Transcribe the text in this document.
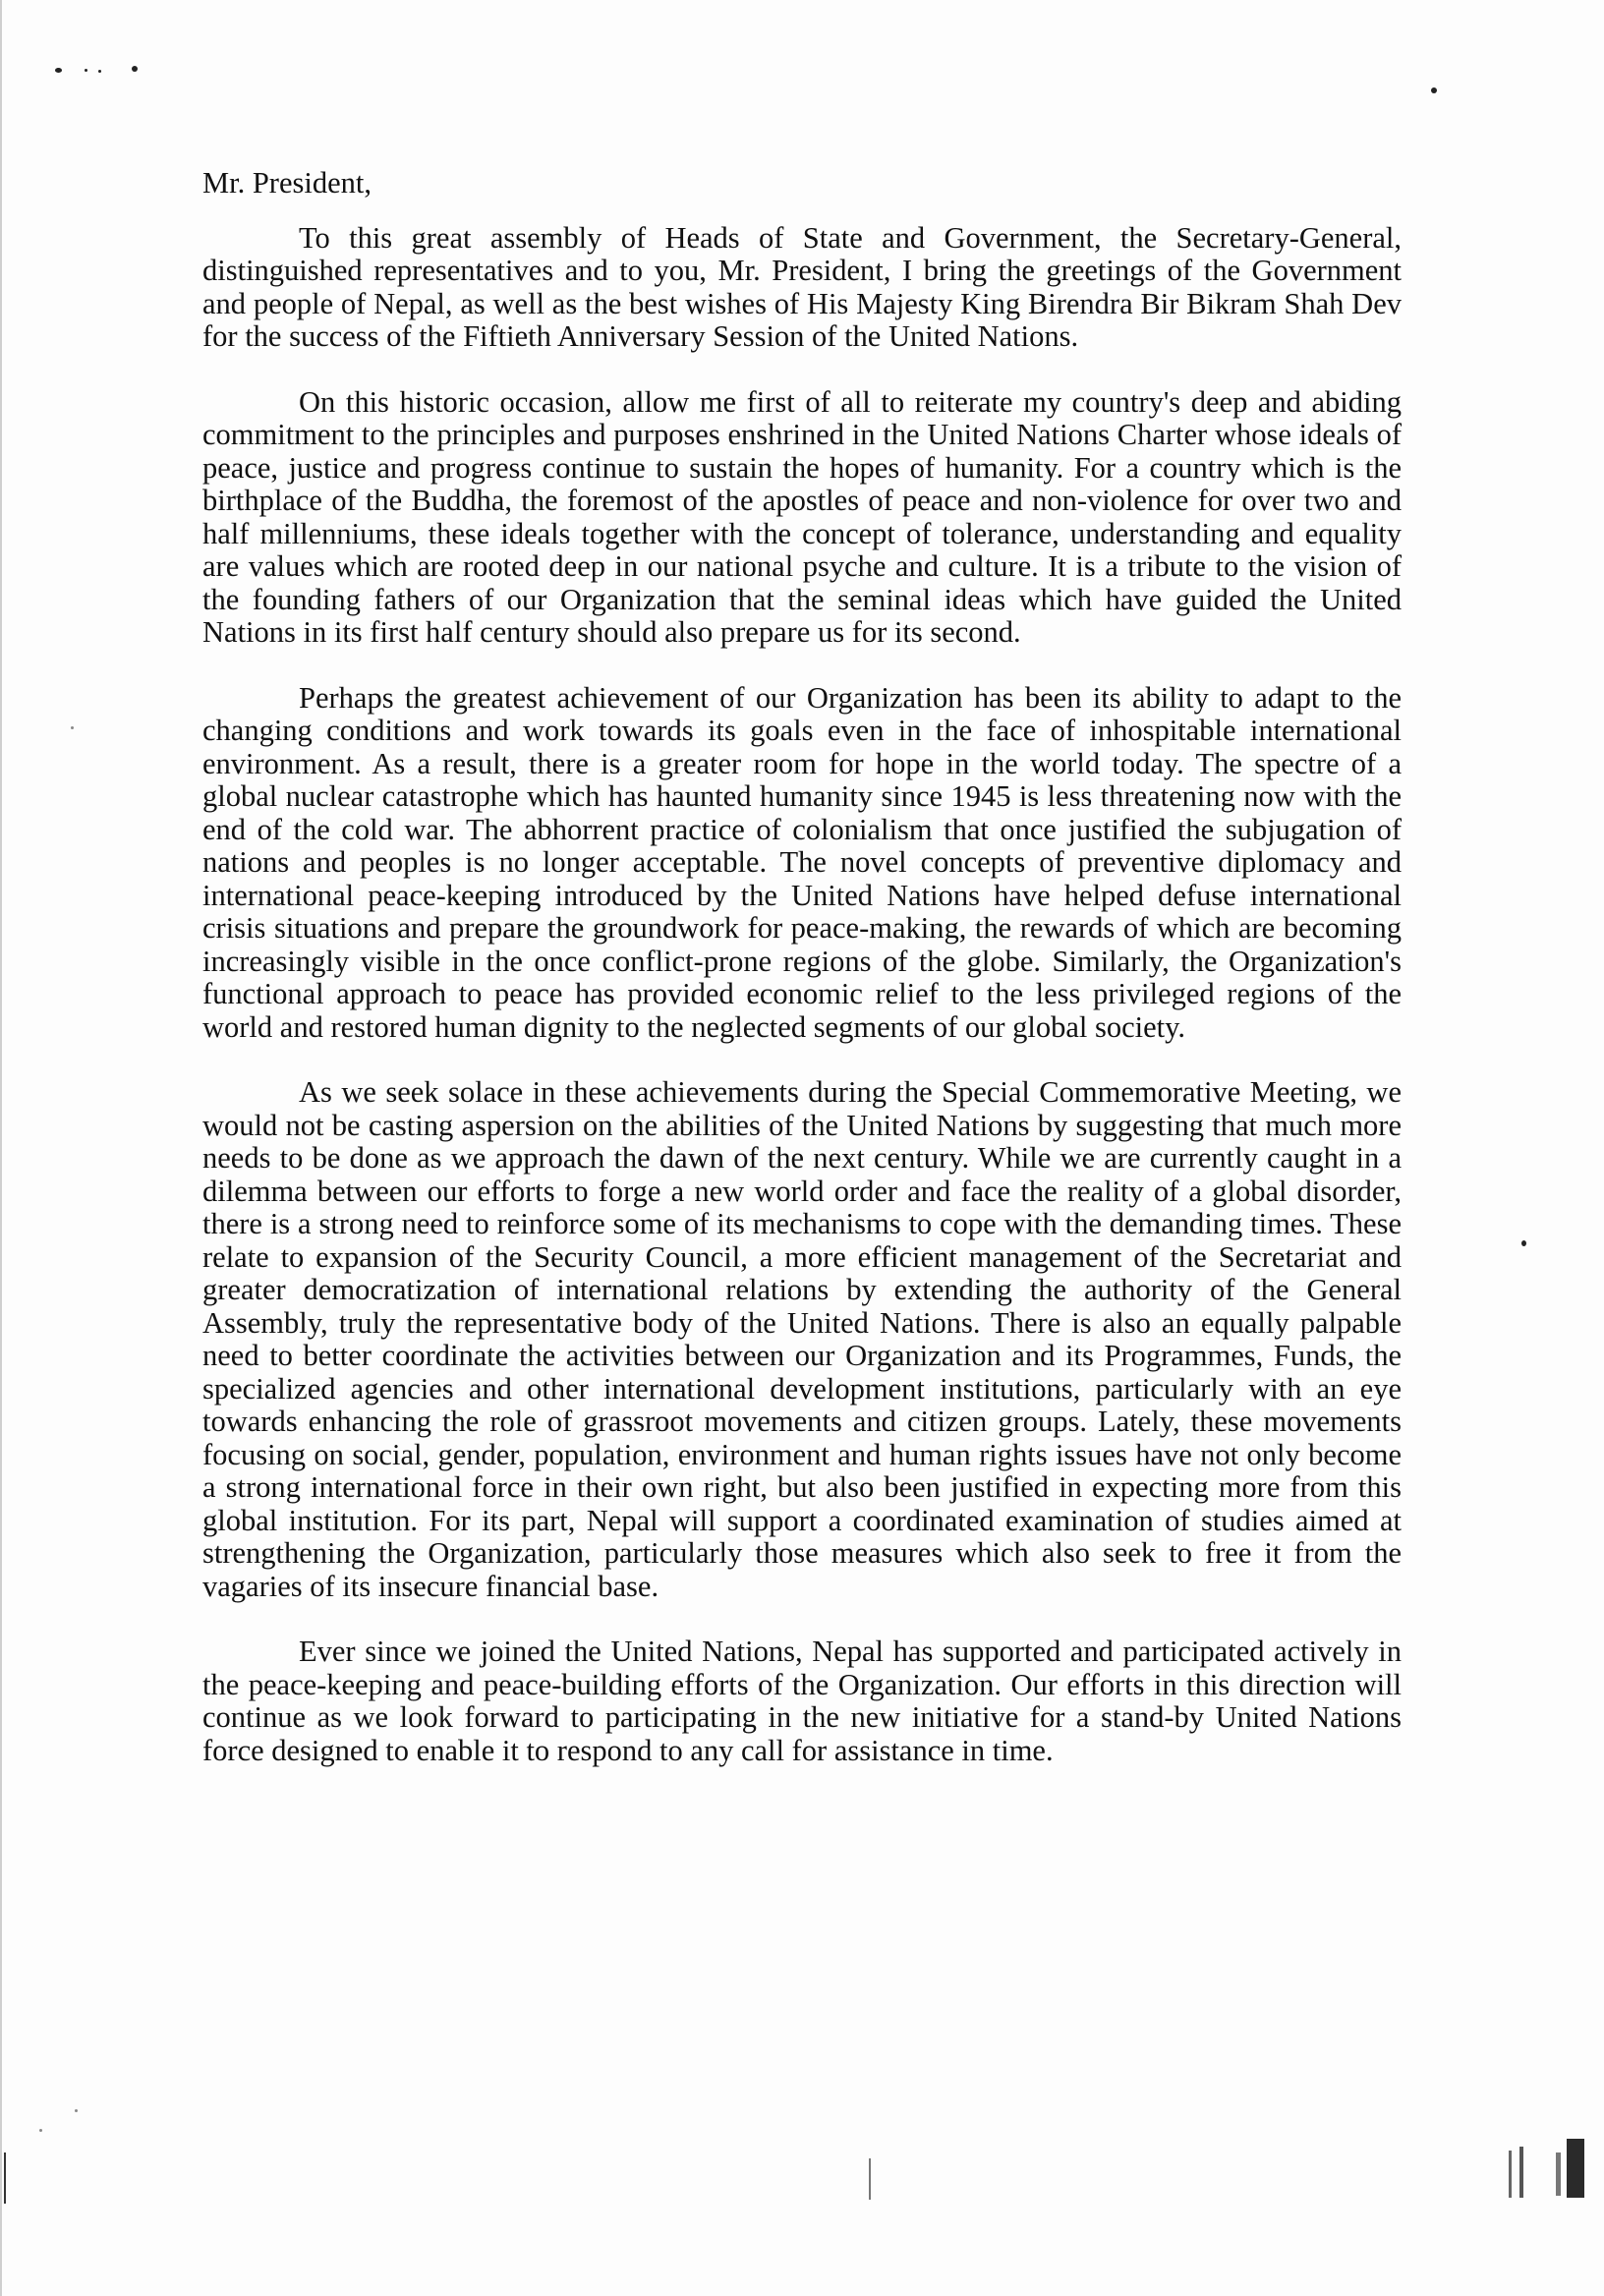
Mr. President,

To this great assembly of Heads of State and Government, the Secretary-General, distinguished representatives and to you, Mr. President, I bring the greetings of the Government and people of Nepal, as well as the best wishes of His Majesty King Birendra Bir Bikram Shah Dev for the success of the Fiftieth Anniversary Session of the United Nations.

On this historic occasion, allow me first of all to reiterate my country's deep and abiding commitment to the principles and purposes enshrined in the United Nations Charter whose ideals of peace, justice and progress continue to sustain the hopes of humanity. For a country which is the birthplace of the Buddha, the foremost of the apostles of peace and non-violence for over two and half millenniums, these ideals together with the concept of tolerance, understanding and equality are values which are rooted deep in our national psyche and culture. It is a tribute to the vision of the founding fathers of our Organization that the seminal ideas which have guided the United Nations in its first half century should also prepare us for its second.

Perhaps the greatest achievement of our Organization has been its ability to adapt to the changing conditions and work towards its goals even in the face of inhospitable international environment. As a result, there is a greater room for hope in the world today. The spectre of a global nuclear catastrophe which has haunted humanity since 1945 is less threatening now with the end of the cold war. The abhorrent practice of colonialism that once justified the subjugation of nations and peoples is no longer acceptable. The novel concepts of preventive diplomacy and international peace-keeping introduced by the United Nations have helped defuse international crisis situations and prepare the groundwork for peace-making, the rewards of which are becoming increasingly visible in the once conflict-prone regions of the globe. Similarly, the Organization's functional approach to peace has provided economic relief to the less privileged regions of the world and restored human dignity to the neglected segments of our global society.

As we seek solace in these achievements during the Special Commemorative Meeting, we would not be casting aspersion on the abilities of the United Nations by suggesting that much more needs to be done as we approach the dawn of the next century. While we are currently caught in a dilemma between our efforts to forge a new world order and face the reality of a global disorder, there is a strong need to reinforce some of its mechanisms to cope with the demanding times. These relate to expansion of the Security Council, a more efficient management of the Secretariat and greater democratization of international relations by extending the authority of the General Assembly, truly the representative body of the United Nations. There is also an equally palpable need to better coordinate the activities between our Organization and its Programmes, Funds, the specialized agencies and other international development institutions, particularly with an eye towards enhancing the role of grassroot movements and citizen groups. Lately, these movements focusing on social, gender, population, environment and human rights issues have not only become a strong international force in their own right, but also been justified in expecting more from this global institution. For its part, Nepal will support a coordinated examination of studies aimed at strengthening the Organization, particularly those measures which also seek to free it from the vagaries of its insecure financial base.

Ever since we joined the United Nations, Nepal has supported and participated actively in the peace-keeping and peace-building efforts of the Organization. Our efforts in this direction will continue as we look forward to participating in the new initiative for a stand-by United Nations force designed to enable it to respond to any call for assistance in time.
